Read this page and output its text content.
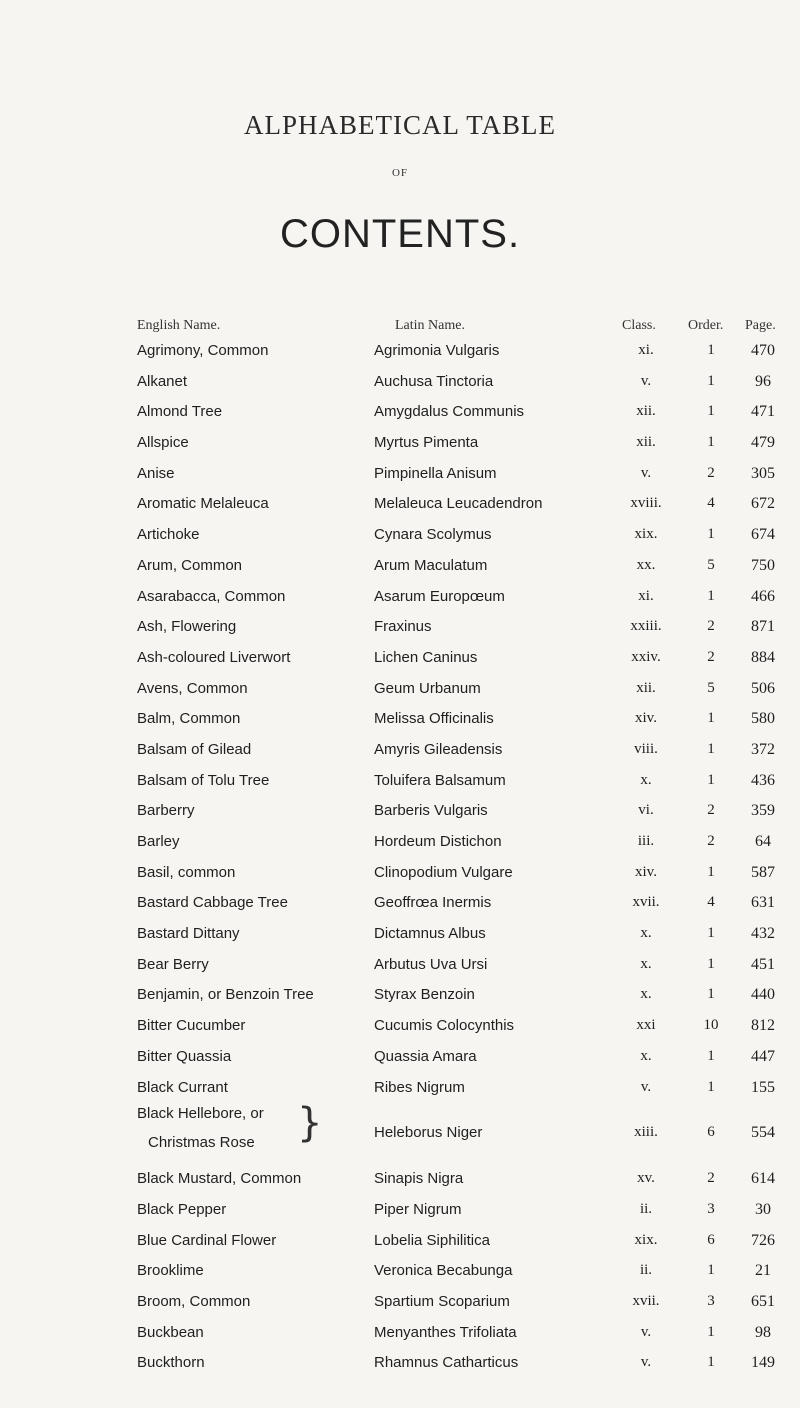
ALPHABETICAL TABLE
OF
CONTENTS.
English Name.	Latin Name.	Class. Order. Page.
Agrimony, Common	Agrimonia Vulgaris	xi.	1	470
Alkanet	Auchusa Tinctoria	v.	1	96
Almond Tree	Amygdalus Communis	xii.	1	471
Allspice	Myrtus Pimenta	xii.	1	479
Anise	Pimpinella Anisum	v.	2	305
Aromatic Melaleuca	Melaleuca Leucadendron	xviii.	4	672
Artichoke	Cynara Scolymus	xix.	1	674
Arum, Common	Arum Maculatum	xx.	5	750
Asarabacca, Common	Asarum Europœum	xi.	1	466
Ash, Flowering	Fraxinus	xxiii.	2	871
Ash-coloured Liverwort	Lichen Caninus	xxiv.	2	884
Avens, Common	Geum Urbanum	xii.	5	506
Balm, Common	Melissa Officinalis	xiv.	1	580
Balsam of Gilead	Amyris Gileadensis	viii.	1	372
Balsam of Tolu Tree	Toluifera Balsamum	x.	1	436
Barberry	Barberis Vulgaris	vi.	2	359
Barley	Hordeum Distichon	iii.	2	64
Basil, common	Clinopodium Vulgare	xiv.	1	587
Bastard Cabbage Tree	Geoffrœa Inermis	xvii.	4	631
Bastard Dittany	Dictamnus Albus	x.	1	432
Bear Berry	Arbutus Uva Ursi	x.	1	451
Benjamin, or Benzoin Tree	Styrax Benzoin	x.	1	440
Bitter Cucumber	Cucumis Colocynthis	xxi	10	812
Bitter Quassia	Quassia Amara	x.	1	447
Black Currant	Ribes Nigrum	v.	1	155
Black Hellebore, or
Christmas Rose }	Heleborus Niger	xiii.	6	554
Black Mustard, Common	Sinapis Nigra	xv.	2	614
Black Pepper	Piper Nigrum	ii.	3	30
Blue Cardinal Flower	Lobelia Siphilitica	xix.	6	726
Brooklime	Veronica Becabunga	ii.	1	21
Broom, Common	Spartium Scoparium	xvii.	3	651
Buckbean	Menyanthes Trifoliata	v.	1	98
Buckthorn	Rhamnus Catharticus	v.	1	149
